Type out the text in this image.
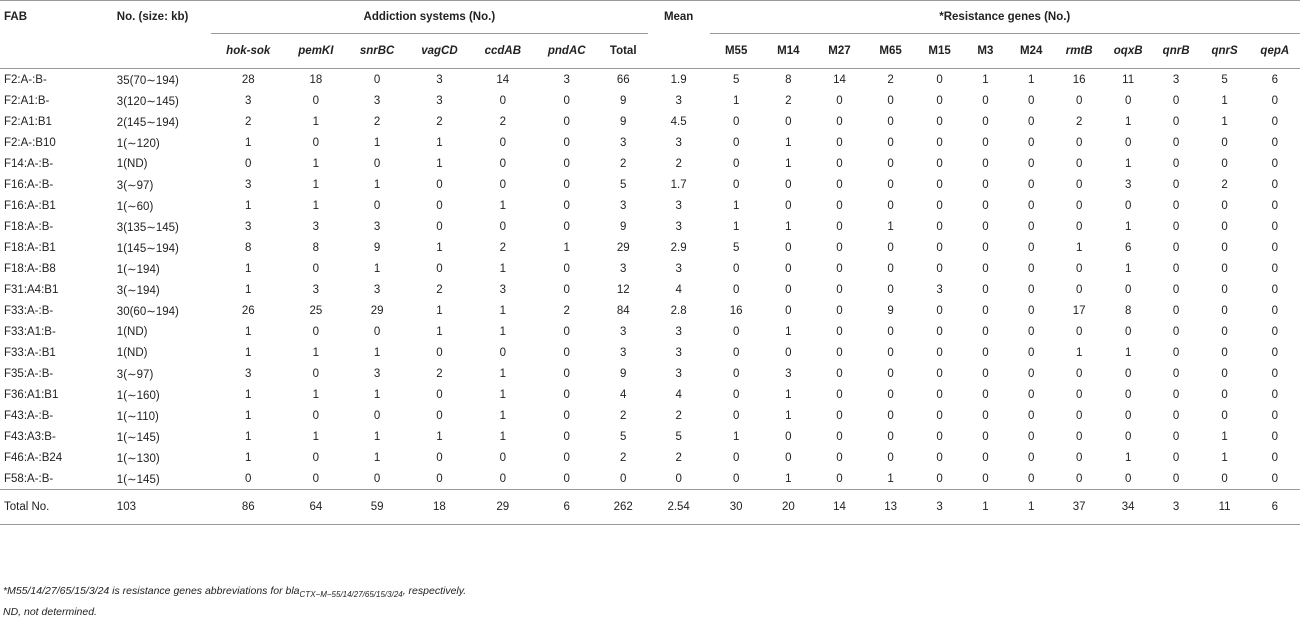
FAB	No. (size: kb)	Addiction systems (No.)							Mean	*Resistance genes (No.)											
		hok-sok	pemKI	snrBC	vagCD	ccdAB	pndAC	Total		M55	M14	M27	M65	M15	M3	M24	rmtB	oqxB	qnrB	qnrS	qepA
F2:A-:B-	35(70∼194)	28	18	0	3	14	3	66	1.9	5	8	14	2	0	1	1	16	11	3	5	6
F2:A1:B-	3(120∼145)	3	0	3	3	0	0	9	3	1	2	0	0	0	0	0	0	0	0	1	0
F2:A1:B1	2(145∼194)	2	1	2	2	2	0	9	4.5	0	0	0	0	0	0	0	2	1	0	1	0
F2:A-:B10	1(∼120)	1	0	1	1	0	0	3	3	0	1	0	0	0	0	0	0	0	0	0	0
F14:A-:B-	1(ND)	0	1	0	1	0	0	2	2	0	1	0	0	0	0	0	0	1	0	0	0
F16:A-:B-	3(∼97)	3	1	1	0	0	0	5	1.7	0	0	0	0	0	0	0	0	3	0	2	0
F16:A-:B1	1(∼60)	1	1	0	0	1	0	3	3	1	0	0	0	0	0	0	0	0	0	0	0
F18:A-:B-	3(135∼145)	3	3	3	0	0	0	9	3	1	1	0	1	0	0	0	0	1	0	0	0
F18:A-:B1	1(145∼194)	8	8	9	1	2	1	29	2.9	5	0	0	0	0	0	0	1	6	0	0	0
F18:A-:B8	1(∼194)	1	0	1	0	1	0	3	3	0	0	0	0	0	0	0	0	1	0	0	0
F31:A4:B1	3(∼194)	1	3	3	2	3	0	12	4	0	0	0	0	3	0	0	0	0	0	0	0
F33:A-:B-	30(60∼194)	26	25	29	1	1	2	84	2.8	16	0	0	9	0	0	0	17	8	0	0	0
F33:A1:B-	1(ND)	1	0	0	1	1	0	3	3	0	1	0	0	0	0	0	0	0	0	0	0
F33:A-:B1	1(ND)	1	1	1	0	0	0	3	3	0	0	0	0	0	0	0	1	1	0	0	0
F35:A-:B-	3(∼97)	3	0	3	2	1	0	9	3	0	3	0	0	0	0	0	0	0	0	0	0
F36:A1:B1	1(∼160)	1	1	1	0	1	0	4	4	0	1	0	0	0	0	0	0	0	0	0	0
F43:A-:B-	1(∼110)	1	0	0	0	1	0	2	2	0	1	0	0	0	0	0	0	0	0	0	0
F43:A3:B-	1(∼145)	1	1	1	1	1	0	5	5	1	0	0	0	0	0	0	0	0	0	1	0
F46:A-:B24	1(∼130)	1	0	1	0	0	0	2	2	0	0	0	0	0	0	0	0	1	0	1	0
F58:A-:B-	1(∼145)	0	0	0	0	0	0	0	0	0	1	0	1	0	0	0	0	0	0	0	0
Total No.	103	86	64	59	18	29	6	262	2.54	30	20	14	13	3	1	1	37	34	3	11	6
*M55/14/27/65/15/3/24 is resistance genes abbreviations for bla$_{CTX-M-55/14/27/65/15/3/24}$, respectively.
ND, not determined.
